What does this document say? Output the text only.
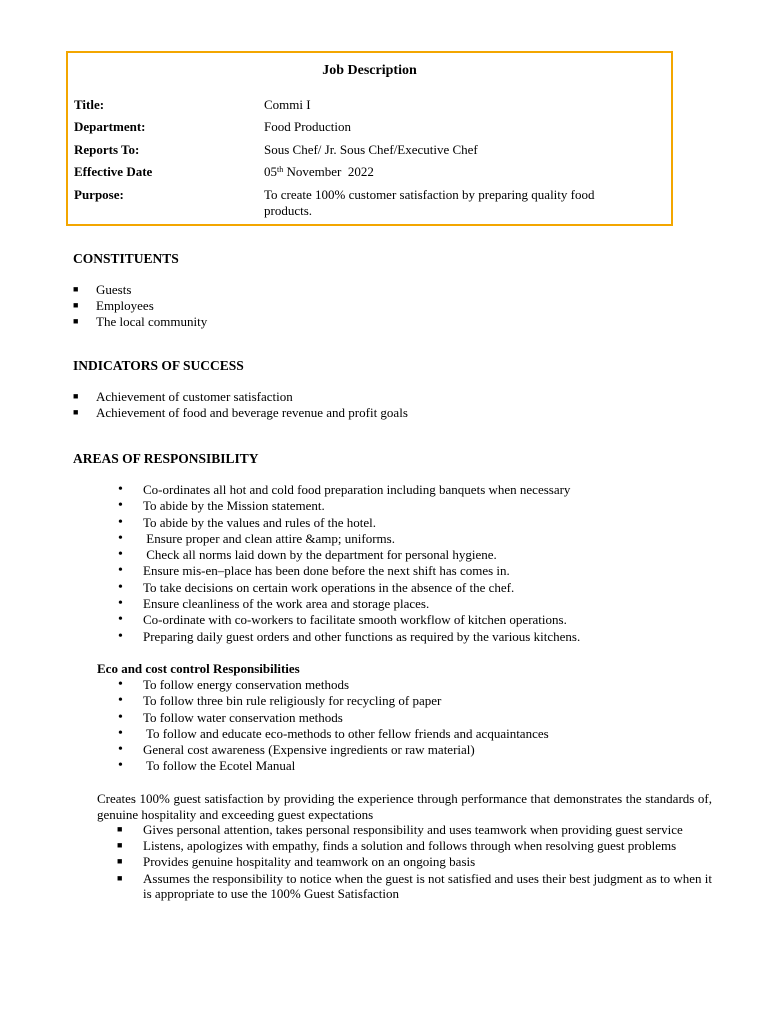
Job Description
Title:	Commi I
Department:	Food Production
Reports To:	Sous Chef/ Jr. Sous Chef/Executive Chef
Effective Date	05th November  2022
Purpose:	To create 100% customer satisfaction by preparing quality food products.
CONSTITUENTS
■ Guests
■ Employees
■ The local community
INDICATORS OF SUCCESS
■ Achievement of customer satisfaction
■ Achievement of food and beverage revenue and profit goals
AREAS OF RESPONSIBILITY
• Co-ordinates all hot and cold food preparation including banquets when necessary
• To abide by the Mission statement.
• To abide by the values and rules of the hotel.
• Ensure proper and clean attire &amp; uniforms.
• Check all norms laid down by the department for personal hygiene.
• Ensure mis-en–place has been done before the next shift has comes in.
• To take decisions on certain work operations in the absence of the chef.
• Ensure cleanliness of the work area and storage places.
• Co-ordinate with co-workers to facilitate smooth workflow of kitchen operations.
• Preparing daily guest orders and other functions as required by the various kitchens.
Eco and cost control Responsibilities
• To follow energy conservation methods
• To follow three bin rule religiously for recycling of paper
• To follow water conservation methods
• To follow and educate eco-methods to other fellow friends and acquaintances
• General cost awareness (Expensive ingredients or raw material)
• To follow the Ecotel Manual
Creates 100% guest satisfaction by providing the experience through performance that demonstrates the standards of, genuine hospitality and exceeding guest expectations
■ Gives personal attention, takes personal responsibility and uses teamwork when providing guest service
■ Listens, apologizes with empathy, finds a solution and follows through when resolving guest problems
■ Provides genuine hospitality and teamwork on an ongoing basis
■ Assumes the responsibility to notice when the guest is not satisfied and uses their best judgment as to when it is appropriate to use the 100% Guest Satisfaction
